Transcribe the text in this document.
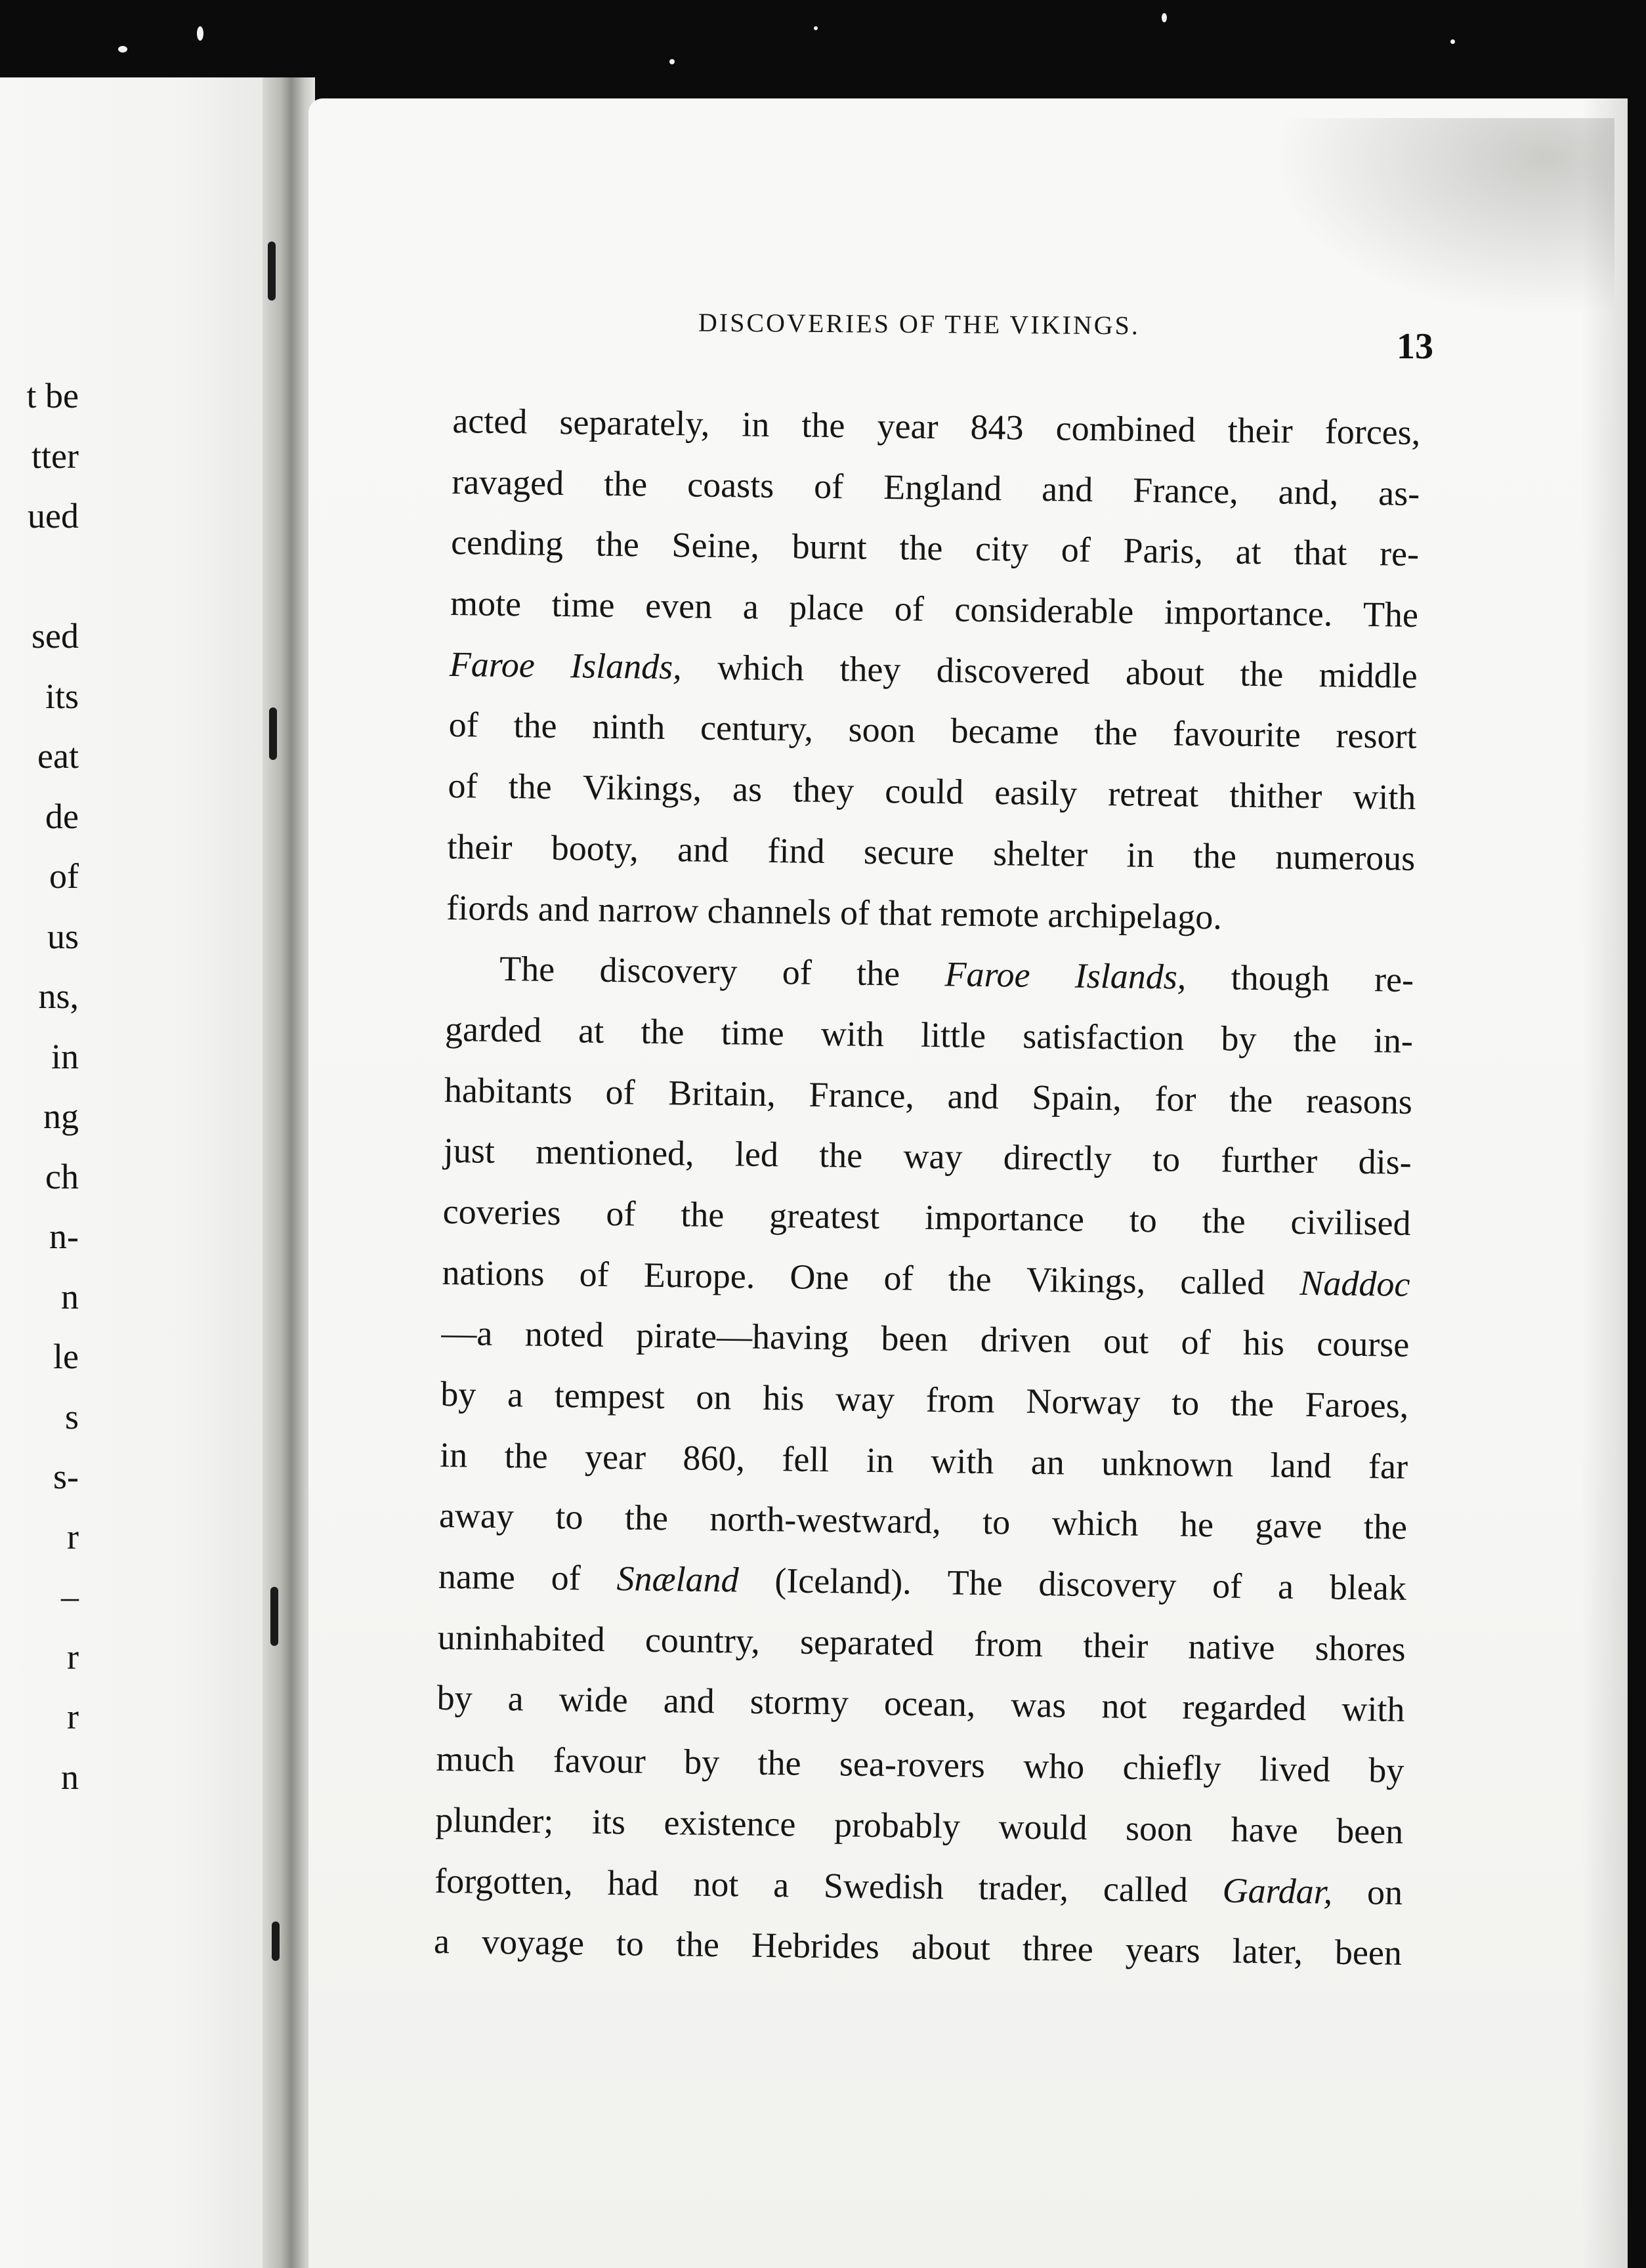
t be
tter
ued
sed
its
eat
de
of
us
ns,
in
ng
ch
n-
n
le
s
s-
r
–
r
r
n
DISCOVERIES OF THE VIKINGS.
13
acted separately, in the year 843 combined their forces,
ravaged the coasts of England and France, and, as-
cending the Seine, burnt the city of Paris, at that re-
mote time even a place of considerable importance. The
Faroe Islands, which they discovered about the middle
of the ninth century, soon became the favourite resort
of the Vikings, as they could easily retreat thither with
their booty, and find secure shelter in the numerous
fiords and narrow channels of that remote archipelago.
The discovery of the Faroe Islands, though re-
garded at the time with little satisfaction by the in-
habitants of Britain, France, and Spain, for the reasons
just mentioned, led the way directly to further dis-
coveries of the greatest importance to the civilised
nations of Europe. One of the Vikings, called Naddoc
—a noted pirate—having been driven out of his course
by a tempest on his way from Norway to the Faroes,
in the year 860, fell in with an unknown land far
away to the north-westward, to which he gave the
name of Snæland (Iceland). The discovery of a bleak
uninhabited country, separated from their native shores
by a wide and stormy ocean, was not regarded with
much favour by the sea-rovers who chiefly lived by
plunder; its existence probably would soon have been
forgotten, had not a Swedish trader, called Gardar, on
a voyage to the Hebrides about three years later, been
